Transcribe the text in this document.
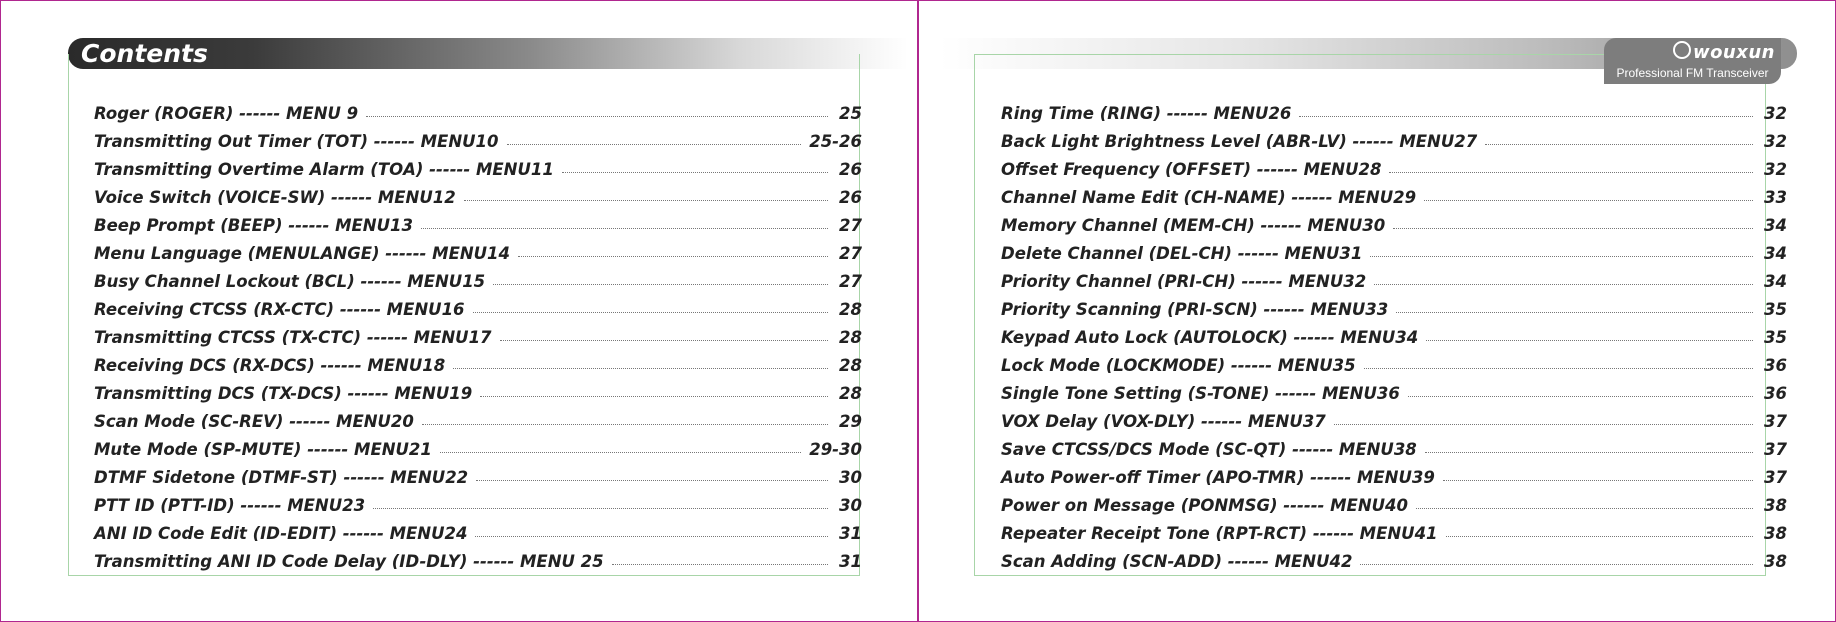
Contents
Roger (ROGER) ------ MENU 9	25
Transmitting Out Timer (TOT) ------ MENU10	25-26
Transmitting Overtime Alarm (TOA) ------ MENU11	26
Voice Switch (VOICE-SW) ------ MENU12	26
Beep Prompt (BEEP) ------ MENU13	27
Menu Language (MENULANGE) ------ MENU14	27
Busy Channel Lockout (BCL) ------ MENU15	27
Receiving CTCSS (RX-CTC) ------ MENU16	28
Transmitting CTCSS (TX-CTC) ------ MENU17	28
Receiving DCS (RX-DCS) ------ MENU18	28
Transmitting DCS (TX-DCS) ------ MENU19	28
Scan Mode (SC-REV) ------ MENU20	29
Mute Mode (SP-MUTE) ------ MENU21	29-30
DTMF Sidetone (DTMF-ST) ------ MENU22	30
PTT ID (PTT-ID) ------ MENU23	30
ANI ID Code Edit (ID-EDIT) ------ MENU24	31
Transmitting ANI ID Code Delay (ID-DLY) ------ MENU 25	31
wouxun
Professional FM Transceiver
Ring Time (RING) ------ MENU26	32
Back Light Brightness Level (ABR-LV) ------ MENU27	32
Offset Frequency (OFFSET) ------ MENU28	32
Channel Name Edit (CH-NAME) ------ MENU29	33
Memory Channel (MEM-CH) ------ MENU30	34
Delete Channel (DEL-CH) ------ MENU31	34
Priority Channel (PRI-CH) ------ MENU32	34
Priority Scanning (PRI-SCN) ------ MENU33	35
Keypad Auto Lock (AUTOLOCK) ------ MENU34	35
Lock Mode (LOCKMODE) ------ MENU35	36
Single Tone Setting (S-TONE) ------ MENU36	36
VOX Delay (VOX-DLY) ------ MENU37	37
Save CTCSS/DCS Mode (SC-QT) ------ MENU38	37
Auto Power-off Timer (APO-TMR) ------ MENU39	37
Power on Message (PONMSG) ------ MENU40	38
Repeater Receipt Tone (RPT-RCT) ------ MENU41	38
Scan Adding (SCN-ADD) ------ MENU42	38
